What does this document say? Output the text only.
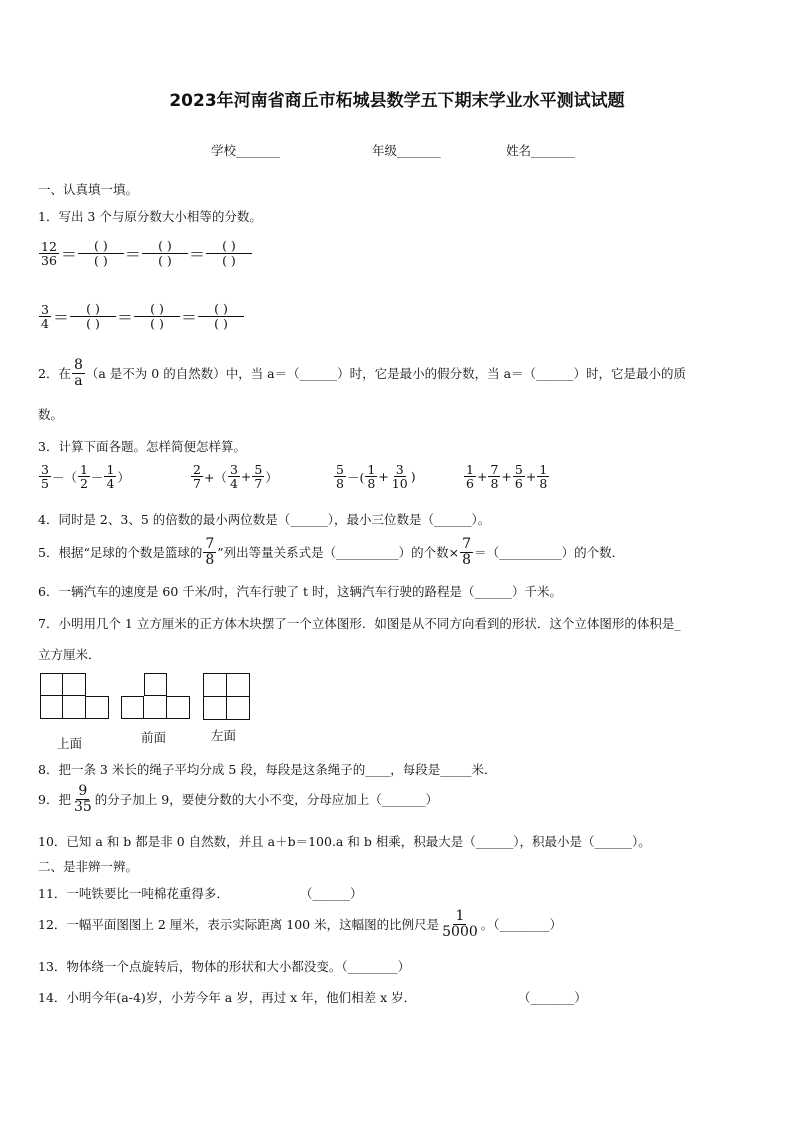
2023年河南省商丘市柘城县数学五下期末学业水平测试试题
学校_______	年级_______	姓名_______
一、认真填一填。
1．写出 3 个与原分数大小相等的分数。
$\frac{12}{36} = \frac{( )}{( )} = \frac{( )}{( )} = \frac{( )}{( )}$
$\frac{3}{4} = \frac{( )}{( )} = \frac{( )}{( )} = \frac{( )}{( )}$
2．在 $\frac{8}{a} (a$ 是不为 0 的自然数）中，当 a＝（______）时，它是最小的假分数，当 a＝（______）时，它是最小的质
数。
3．计算下面各题。怎样简便怎样算。
$\frac{3}{5}$ －（ $\frac{1}{2} - \frac{1}{4}$ ）	$\frac{2}{7}$ +（ $\frac{3}{4} + \frac{5}{7}$ ）	$\frac{5}{8}$ －( $\frac{1}{8} + \frac{3}{10}$ )	$\frac{1}{6} + \frac{7}{8} + \frac{5}{6} + \frac{1}{8}$
4．同时是 2、3、5 的倍数的最小两位数是（______），最小三位数是（______）。
5．根据“足球的个数是篮球的 $\frac{7}{8}$ ”列出等量关系式是（__________）的个数× $\frac{7}{8}$ ＝（__________）的个数．
6．一辆汽车的速度是 60 千米/时，汽车行驶了 t 时，这辆汽车行驶的路程是（______）千米。
7．小明用几个 1 立方厘米的正方体木块摆了一个立体图形．如图是从不同方向看到的形状．这个立体图形的体积是_
立方厘米．
上面	前面	左面
8．把一条 3 米长的绳子平均分成 5 段，每段是这条绳子的____，每段是_____米．
9．把 $\frac{9}{35}$ 的分子加上 9，要使分数的大小不变，分母应加上（_______）
10．已知 a 和 b 都是非 0 自然数，并且 a＋b＝100.a 和 b 相乘，积最大是（______），积最小是（______）。
二、是非辨一辨。
11．一吨铁要比一吨棉花重得多．	（______）
12．一幅平面图图上 2 厘米，表示实际距离 100 米，这幅图的比例尺是 $\frac{1}{5000}$ 。（________）
13．物体绕一个点旋转后，物体的形状和大小都没变。（________）
14．小明今年(a-4)岁，小芳今年 a 岁，再过 x 年，他们相差 x 岁．	（_______）
